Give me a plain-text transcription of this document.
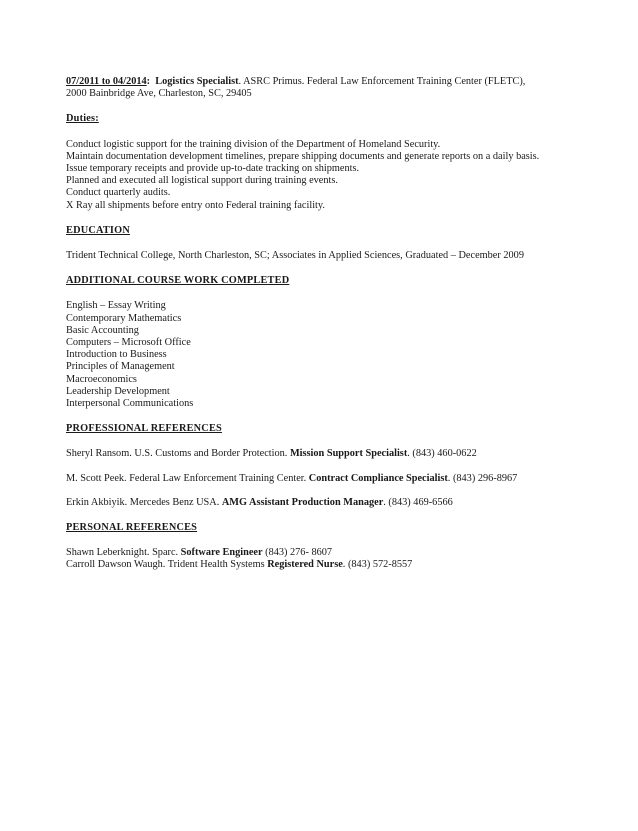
07/2011 to 04/2014: Logistics Specialist. ASRC Primus. Federal Law Enforcement Training Center (FLETC),
2000 Bainbridge Ave, Charleston, SC, 29405
Duties:
Conduct logistic support for the training division of the Department of Homeland Security.
Maintain documentation development timelines, prepare shipping documents and generate reports on a daily basis.
Issue temporary receipts and provide up-to-date tracking on shipments.
Planned and executed all logistical support during training events.
Conduct quarterly audits.
X Ray all shipments before entry onto Federal training facility.
EDUCATION
Trident Technical College, North Charleston, SC; Associates in Applied Sciences, Graduated – December 2009
ADDITIONAL COURSE WORK COMPLETED
English – Essay Writing
Contemporary Mathematics
Basic Accounting
Computers – Microsoft Office
Introduction to Business
Principles of Management
Macroeconomics
Leadership Development
Interpersonal Communications
PROFESSIONAL REFERENCES
Sheryl Ransom. U.S. Customs and Border Protection. Mission Support Specialist. (843) 460-0622
M. Scott Peek. Federal Law Enforcement Training Center. Contract Compliance Specialist. (843) 296-8967
Erkin Akbiyik. Mercedes Benz USA. AMG Assistant Production Manager. (843) 469-6566
PERSONAL REFERENCES
Shawn Leberknight. Sparc. Software Engineer (843) 276- 8607
Carroll Dawson Waugh. Trident Health Systems Registered Nurse. (843) 572-8557
